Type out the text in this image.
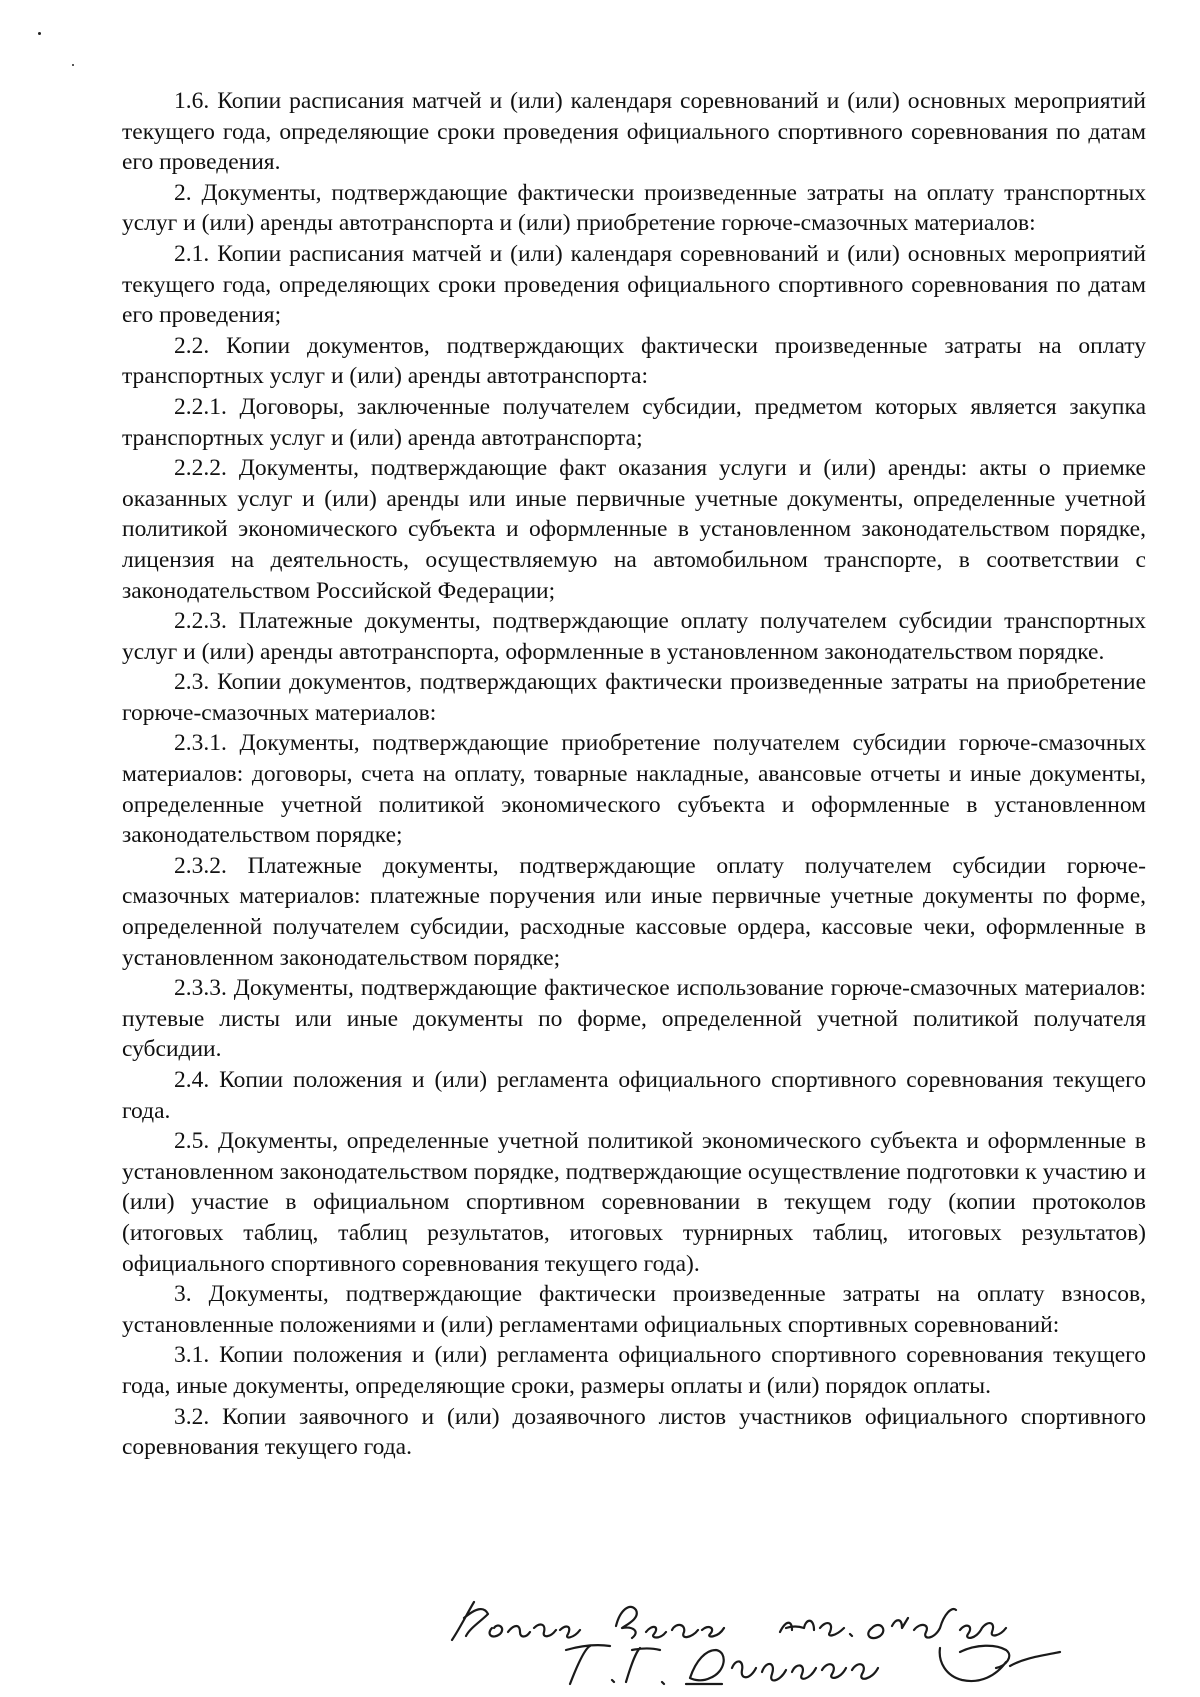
1.6. Копии расписания матчей и (или) календаря соревнований и (или) основных мероприятий текущего года, определяющие сроки проведения официального спортивного соревнования по датам его проведения.

2. Документы, подтверждающие фактически произведенные затраты на оплату транспортных услуг и (или) аренды автотранспорта и (или) приобретение горюче-смазочных материалов:

2.1. Копии расписания матчей и (или) календаря соревнований и (или) основных мероприятий текущего года, определяющих сроки проведения официального спортивного соревнования по датам его проведения;

2.2. Копии документов, подтверждающих фактически произведенные затраты на оплату транспортных услуг и (или) аренды автотранспорта:

2.2.1. Договоры, заключенные получателем субсидии, предметом которых является закупка транспортных услуг и (или) аренда автотранспорта;

2.2.2. Документы, подтверждающие факт оказания услуги и (или) аренды: акты о приемке оказанных услуг и (или) аренды или иные первичные учетные документы, определенные учетной политикой экономического субъекта и оформленные в установленном законодательством порядке, лицензия на деятельность, осуществляемую на автомобильном транспорте, в соответствии с законодательством Российской Федерации;

2.2.3. Платежные документы, подтверждающие оплату получателем субсидии транспортных услуг и (или) аренды автотранспорта, оформленные в установленном законодательством порядке.

2.3. Копии документов, подтверждающих фактически произведенные затраты на приобретение горюче-смазочных материалов:

2.3.1. Документы, подтверждающие приобретение получателем субсидии горюче-смазочных материалов: договоры, счета на оплату, товарные накладные, авансовые отчеты и иные документы, определенные учетной политикой экономического субъекта и оформленные в установленном законодательством порядке;

2.3.2. Платежные документы, подтверждающие оплату получателем субсидии горюче-смазочных материалов: платежные поручения или иные первичные учетные документы по форме, определенной получателем субсидии, расходные кассовые ордера, кассовые чеки, оформленные в установленном законодательством порядке;

2.3.3. Документы, подтверждающие фактическое использование горюче-смазочных материалов: путевые листы или иные документы по форме, определенной учетной политикой получателя субсидии.

2.4. Копии положения и (или) регламента официального спортивного соревнования текущего года.

2.5. Документы, определенные учетной политикой экономического субъекта и оформленные в установленном законодательством порядке, подтверждающие осуществление подготовки к участию и (или) участие в официальном спортивном соревновании в текущем году (копии протоколов (итоговых таблиц, таблиц результатов, итоговых турнирных таблиц, итоговых результатов) официального спортивного соревнования текущего года).

3. Документы, подтверждающие фактически произведенные затраты на оплату взносов, установленные положениями и (или) регламентами официальных спортивных соревнований:

3.1. Копии положения и (или) регламента официального спортивного соревнования текущего года, иные документы, определяющие сроки, размеры оплаты и (или) порядок оплаты.

3.2. Копии заявочного и (или) дозаявочного листов участников официального спортивного соревнования текущего года.
